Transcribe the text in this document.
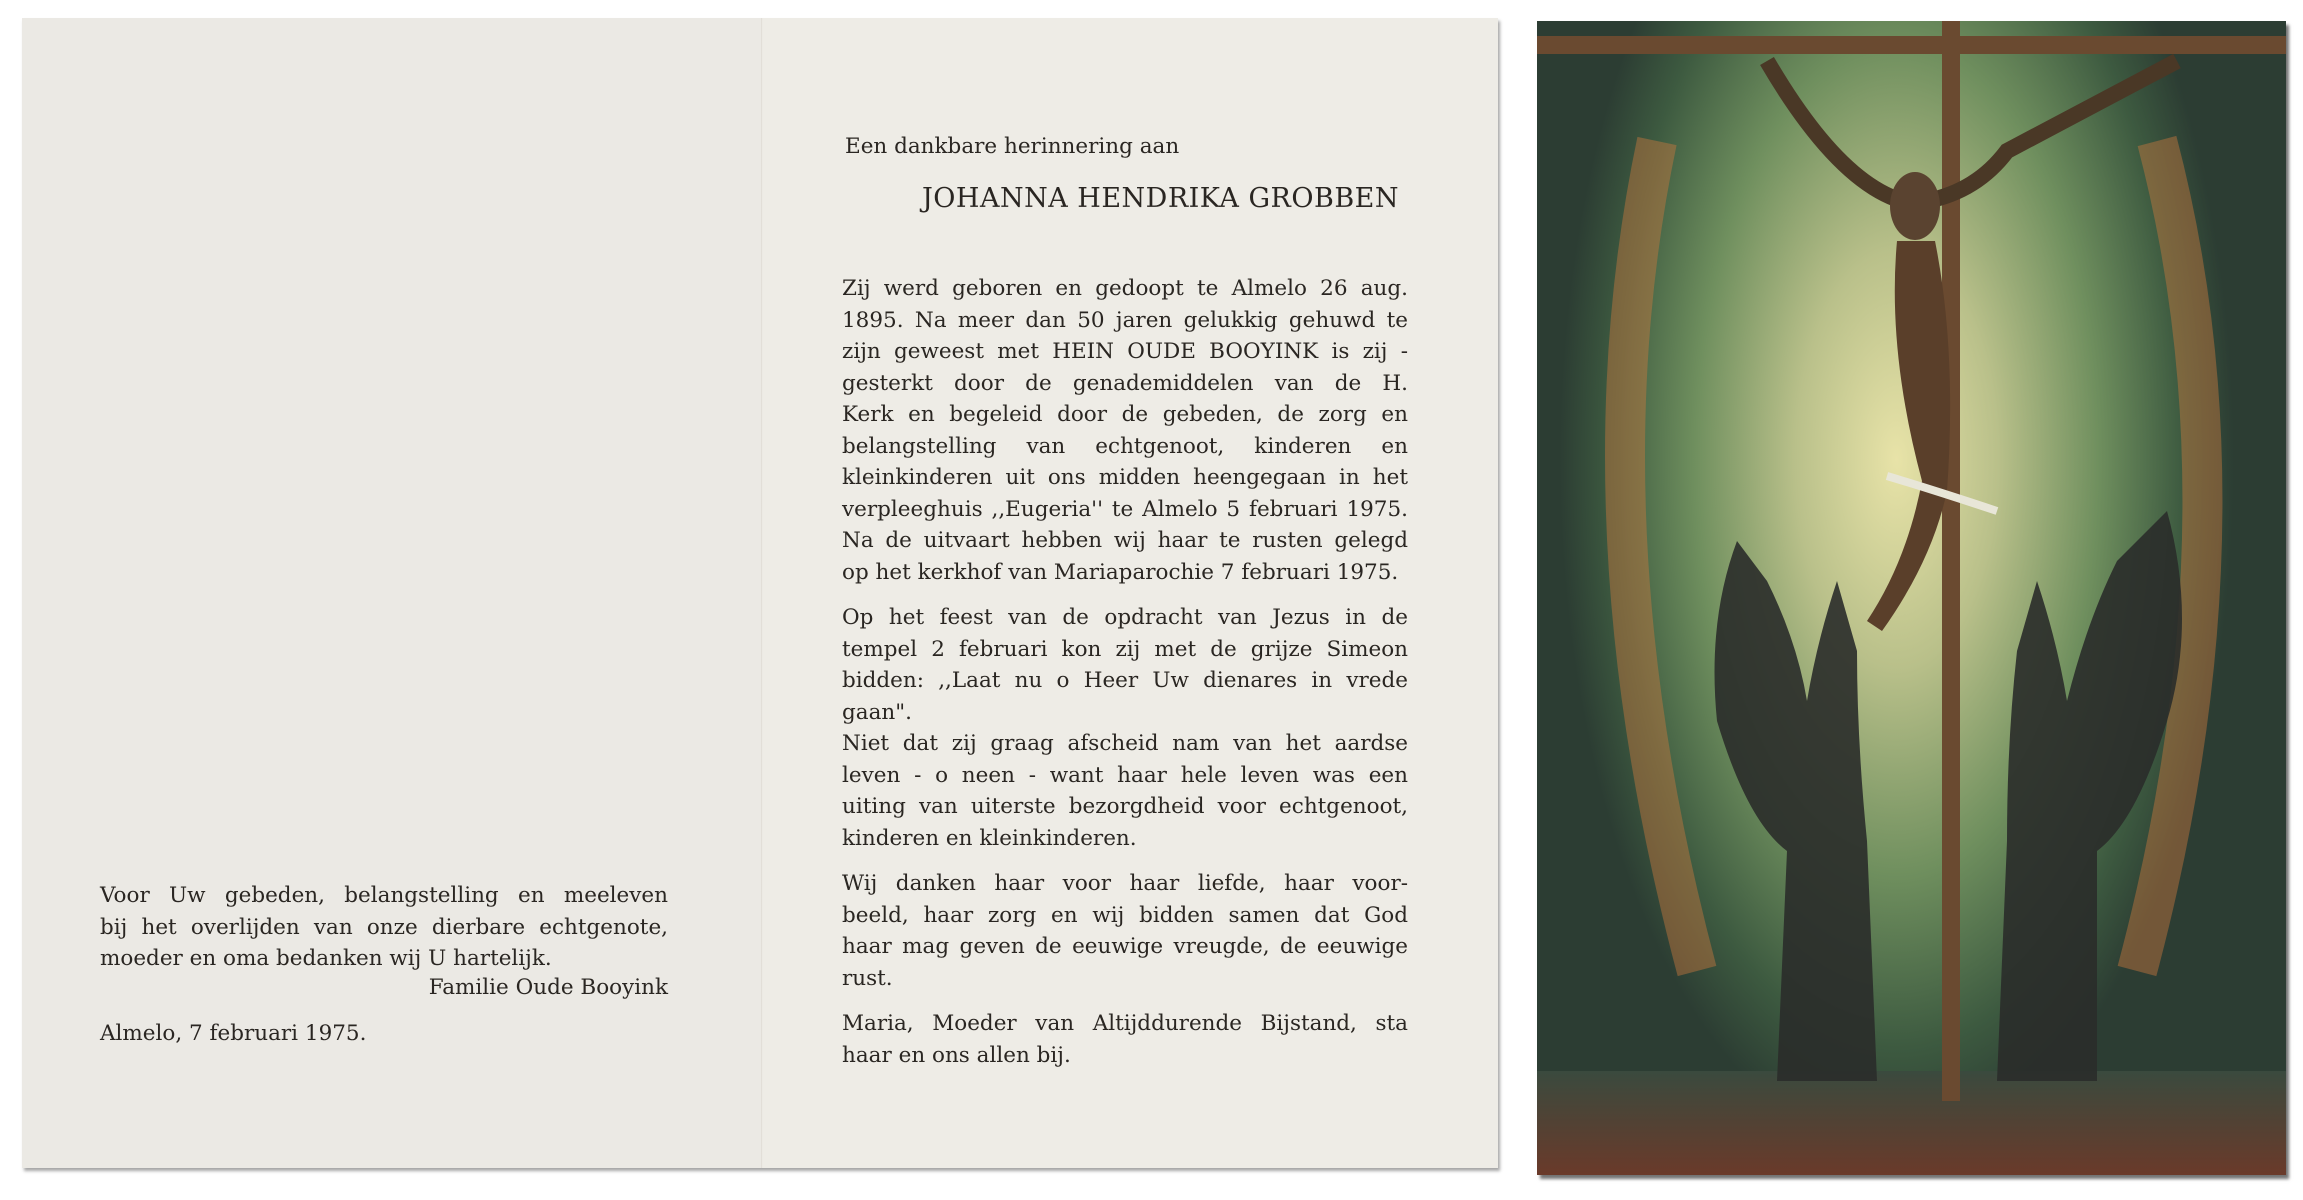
Voor Uw gebeden, belangstelling en meeleven
bij het overlijden van onze dierbare echtgenote,
moeder en oma bedanken wij U hartelijk.
Familie Oude Booyink
Almelo, 7 februari 1975.
Een dankbare herinnering aan
JOHANNA HENDRIKA GROBBEN
Zij werd geboren en gedoopt te Almelo 26 aug.
1895. Na meer dan 50 jaren gelukkig gehuwd te
zijn geweest met HEIN OUDE BOOYINK is zij -
gesterkt door de genademiddelen van de H.
Kerk en begeleid door de gebeden, de zorg en
belangstelling van echtgenoot, kinderen en
kleinkinderen uit ons midden heengegaan in het
verpleeghuis ,,Eugeria'' te Almelo 5 februari 1975.
Na de uitvaart hebben wij haar te rusten gelegd
op het kerkhof van Mariaparochie 7 februari 1975.
Op het feest van de opdracht van Jezus in de
tempel 2 februari kon zij met de grijze Simeon
bidden: ,,Laat nu o Heer Uw dienares in vrede
gaan".
Niet dat zij graag afscheid nam van het aardse
leven - o neen - want haar hele leven was een
uiting van uiterste bezorgdheid voor echtgenoot,
kinderen en kleinkinderen.
Wij danken haar voor haar liefde, haar voor-
beeld, haar zorg en wij bidden samen dat God
haar mag geven de eeuwige vreugde, de eeuwige
rust.
Maria, Moeder van Altijddurende Bijstand, sta
haar en ons allen bij.
